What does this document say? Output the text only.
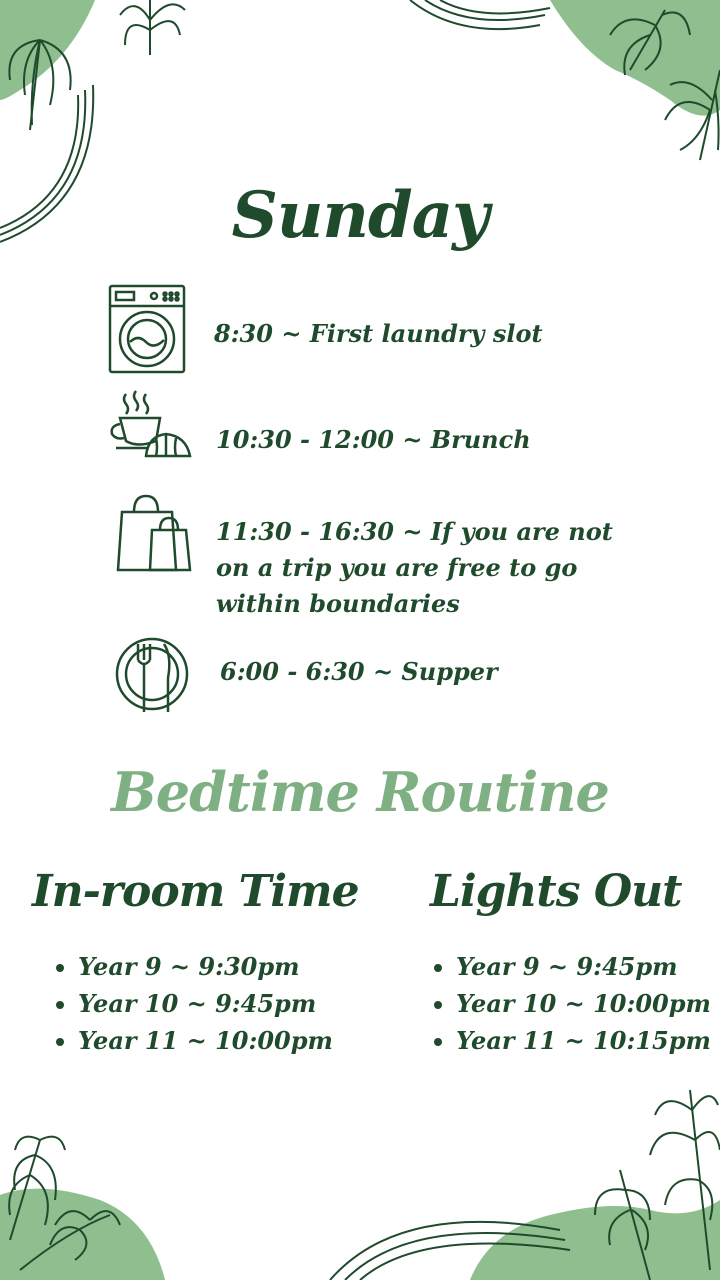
Sunday
8:30 ~ First laundry slot
10:30 - 12:00 ~ Brunch
11:30 - 16:30 ~ If you are not on a trip you are free to go within boundaries
6:00 - 6:30 ~ Supper
Bedtime Routine
In-room Time
• Year 9 ~ 9:30pm
• Year 10 ~ 9:45pm
• Year 11 ~ 10:00pm
Lights Out
• Year 9 ~ 9:45pm
• Year 10 ~ 10:00pm
• Year 11 ~ 10:15pm
